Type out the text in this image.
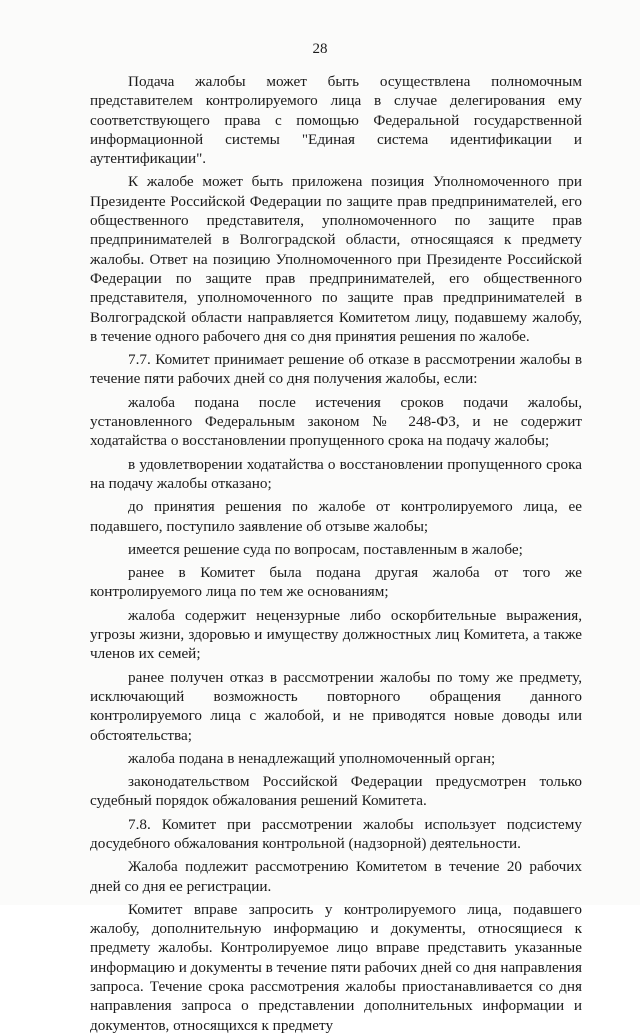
28

Подача жалобы может быть осуществлена полномочным представителем контролируемого лица в случае делегирования ему соответствующего права с помощью Федеральной государственной информационной системы "Единая система идентификации и аутентификации".

К жалобе может быть приложена позиция Уполномоченного при Президенте Российской Федерации по защите прав предпринимателей, его общественного представителя, уполномоченного по защите прав предпринимателей в Волгоградской области, относящаяся к предмету жалобы. Ответ на позицию Уполномоченного при Президенте Российской Федерации по защите прав предпринимателей, его общественного представителя, уполномоченного по защите прав предпринимателей в Волгоградской области направляется Комитетом лицу, подавшему жалобу, в течение одного рабочего дня со дня принятия решения по жалобе.

7.7. Комитет принимает решение об отказе в рассмотрении жалобы в течение пяти рабочих дней со дня получения жалобы, если:

жалоба подана после истечения сроков подачи жалобы, установленного Федеральным законом № 248-ФЗ, и не содержит ходатайства о восстановлении пропущенного срока на подачу жалобы;

в удовлетворении ходатайства о восстановлении пропущенного срока на подачу жалобы отказано;

до принятия решения по жалобе от контролируемого лица, ее подавшего, поступило заявление об отзыве жалобы;

имеется решение суда по вопросам, поставленным в жалобе;

ранее в Комитет была подана другая жалоба от того же контролируемого лица по тем же основаниям;

жалоба содержит нецензурные либо оскорбительные выражения, угрозы жизни, здоровью и имуществу должностных лиц Комитета, а также членов их семей;

ранее получен отказ в рассмотрении жалобы по тому же предмету, исключающий возможность повторного обращения данного контролируемого лица с жалобой, и не приводятся новые доводы или обстоятельства;

жалоба подана в ненадлежащий уполномоченный орган;

законодательством Российской Федерации предусмотрен только судебный порядок обжалования решений Комитета.

7.8. Комитет при рассмотрении жалобы использует подсистему досудебного обжалования контрольной (надзорной) деятельности.

Жалоба подлежит рассмотрению Комитетом в течение 20 рабочих дней со дня ее регистрации.

Комитет вправе запросить у контролируемого лица, подавшего жалобу, дополнительную информацию и документы, относящиеся к предмету жалобы. Контролируемое лицо вправе представить указанные информацию и документы в течение пяти рабочих дней со дня направления запроса. Течение срока рассмотрения жалобы приостанавливается со дня направления запроса о представлении дополнительных информации и документов, относящихся к предмету
